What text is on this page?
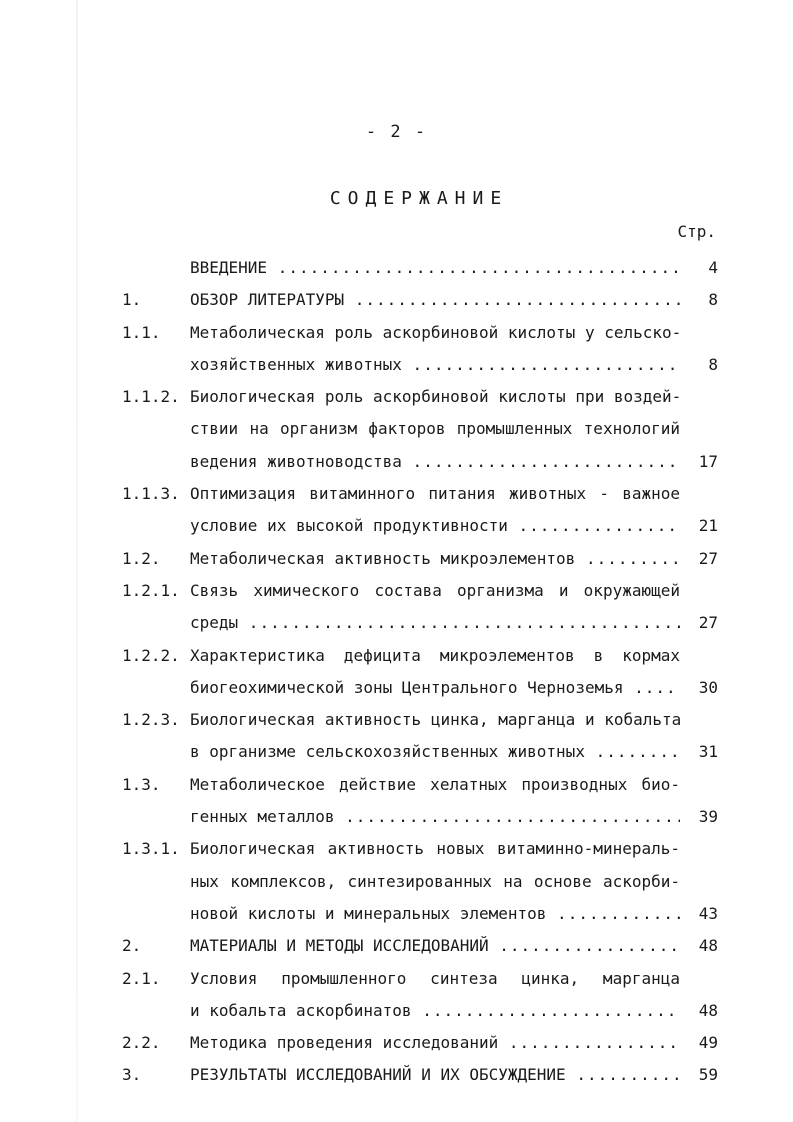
- 2 -
СОДЕРЖАНИЕ
Стр.
ВВЕДЕНИЕ .....	4
1.	ОБЗОР ЛИТЕРАТУРЫ .....	8
1.1. Метаболическая роль аскорбиновой кислоты у сельско-
хозяйственных животных .....	8
1.1.2. Биологическая роль аскорбиновой кислоты при воздей-
ствии на организм факторов промышленных технологий
ведения животноводства .....	17
1.1.3. Оптимизация витаминного питания животных - важное
условие их высокой продуктивности .....	21
1.2. Метаболическая активность микроэлементов .....	27
1.2.1. Связь химического состава организма и окружающей
среды .....	27
1.2.2. Характеристика дефицита микроэлементов в кормах
биогеохимической зоны Центрального Черноземья .....	30
1.2.3. Биологическая активность цинка, марганца и кобальта
в организме сельскохозяйственных животных .....	31
1.3. Метаболическое действие хелатных производных био-
генных металлов .....	39
1.3.1. Биологическая активность новых витаминно-минераль-
ных комплексов, синтезированных на основе аскорби-
новой кислоты и минеральных элементов .....	43
2.	МАТЕРИАЛЫ И МЕТОДЫ ИССЛЕДОВАНИЙ .....	48
2.1. Условия промышленного синтеза цинка, марганца
и кобальта аскорбинатов .....	48
2.2. Методика проведения исследований .....	49
3.	РЕЗУЛЬТАТЫ ИССЛЕДОВАНИЙ И ИХ ОБСУЖДЕНИЕ .....	59
